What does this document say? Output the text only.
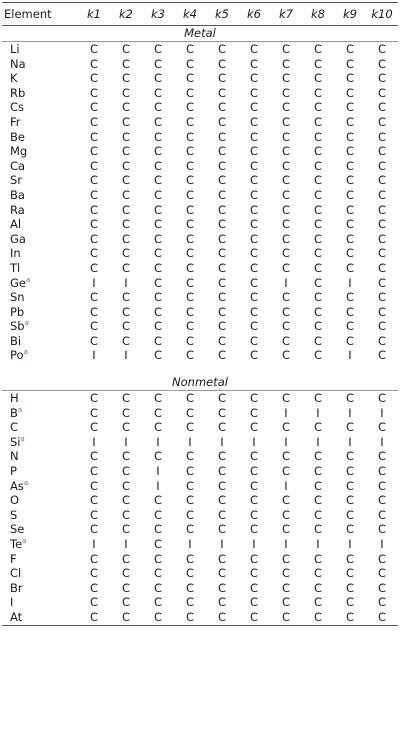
Element	k1	k2	k3	k4	k5	k6	k7	k8	k9	k10
Metal										
Li	C	C	C	C	C	C	C	C	C	C
Na	C	C	C	C	C	C	C	C	C	C
K	C	C	C	C	C	C	C	C	C	C
Rb	C	C	C	C	C	C	C	C	C	C
Cs	C	C	C	C	C	C	C	C	C	C
Fr	C	C	C	C	C	C	C	C	C	C
Be	C	C	C	C	C	C	C	C	C	C
Mg	C	C	C	C	C	C	C	C	C	C
Ca	C	C	C	C	C	C	C	C	C	C
Sr	C	C	C	C	C	C	C	C	C	C
Ba	C	C	C	C	C	C	C	C	C	C
Ra	C	C	C	C	C	C	C	C	C	C
Al	C	C	C	C	C	C	C	C	C	C
Ga	C	C	C	C	C	C	C	C	C	C
In	C	C	C	C	C	C	C	C	C	C
Tl	C	C	C	C	C	C	C	C	C	C
Ge$^a$	I	I	C	C	C	C	I	C	I	C
Sn	C	C	C	C	C	C	C	C	C	C
Pb	C	C	C	C	C	C	C	C	C	C
Sb$^a$	C	C	C	C	C	C	C	C	C	C
Bi	C	C	C	C	C	C	C	C	C	C
Po$^a$	I	I	C	C	C	C	C	C	I	C

Nonmetal										
H	C	C	C	C	C	C	C	C	C	C
$B^a$	C	C	C	C	C	C	I	I	I	I
C	C	C	C	C	C	C	C	C	C	C
Si$^a$	I	I	I	I	I	I	I	I	I	I
N	C	C	C	C	C	C	C	C	C	C
P	C	C	I	C	C	C	C	C	C	C
As$^a$	C	C	I	C	C	C	I	C	C	C
O	C	C	C	C	C	C	C	C	C	C
S	C	C	C	C	C	C	C	C	C	C
Se	C	C	C	C	C	C	C	C	C	C
Te$^a$	I	I	C	I	I	I	I	I	I	I
F	C	C	C	C	C	C	C	C	C	C
Cl	C	C	C	C	C	C	C	C	C	C
Br	C	C	C	C	C	C	C	C	C	C
I	C	C	C	C	C	C	C	C	C	C
At	C	C	C	C	C	C	C	C	C	C
